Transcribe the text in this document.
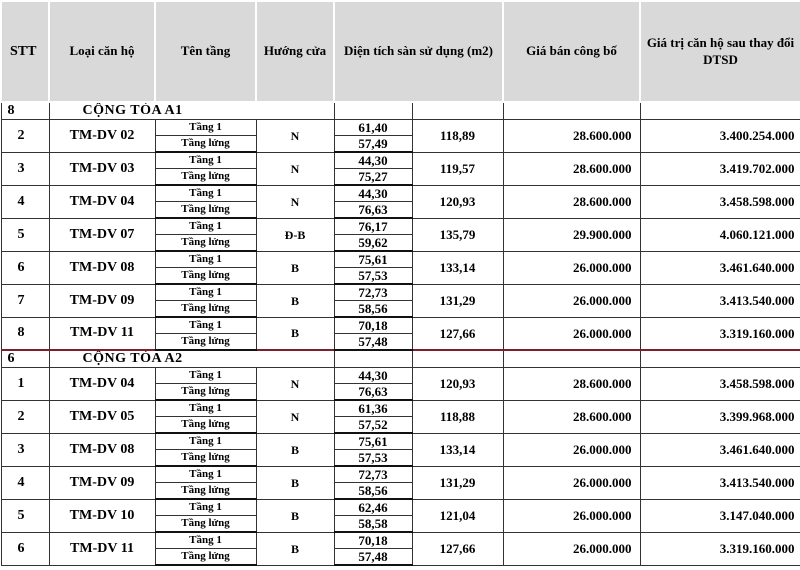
STT	Loại căn hộ	Tên tầng	Hướng cửa	Diện tích sàn sử dụng (m2)		Giá bán công bố	Giá trị căn hộ sau thay đổi DTSD
8	CỘNG TÒA A1						
2	TM-DV 02	Tầng 1	N	61,40	118,89	28.600.000	3.400.254.000
		Tầng lửng		57,49			
3	TM-DV 03	Tầng 1	N	44,30	119,57	28.600.000	3.419.702.000
		Tầng lửng		75,27			
4	TM-DV 04	Tầng 1	N	44,30	120,93	28.600.000	3.458.598.000
		Tầng lửng		76,63			
5	TM-DV 07	Tầng 1	Đ-B	76,17	135,79	29.900.000	4.060.121.000
		Tầng lửng		59,62			
6	TM-DV 08	Tầng 1	B	75,61	133,14	26.000.000	3.461.640.000
		Tầng lửng		57,53			
7	TM-DV 09	Tầng 1	B	72,73	131,29	26.000.000	3.413.540.000
		Tầng lửng		58,56			
8	TM-DV 11	Tầng 1	B	70,18	127,66	26.000.000	3.319.160.000
		Tầng lửng		57,48			
6	CỘNG TÒA A2						
1	TM-DV 04	Tầng 1	N	44,30	120,93	28.600.000	3.458.598.000
		Tầng lửng		76,63			
2	TM-DV 05	Tầng 1	N	61,36	118,88	28.600.000	3.399.968.000
		Tầng lửng		57,52			
3	TM-DV 08	Tầng 1	B	75,61	133,14	26.000.000	3.461.640.000
		Tầng lửng		57,53			
4	TM-DV 09	Tầng 1	B	72,73	131,29	26.000.000	3.413.540.000
		Tầng lửng		58,56			
5	TM-DV 10	Tầng 1	B	62,46	121,04	26.000.000	3.147.040.000
		Tầng lửng		58,58			
6	TM-DV 11	Tầng 1	B	70,18	127,66	26.000.000	3.319.160.000
		Tầng lửng		57,48			
